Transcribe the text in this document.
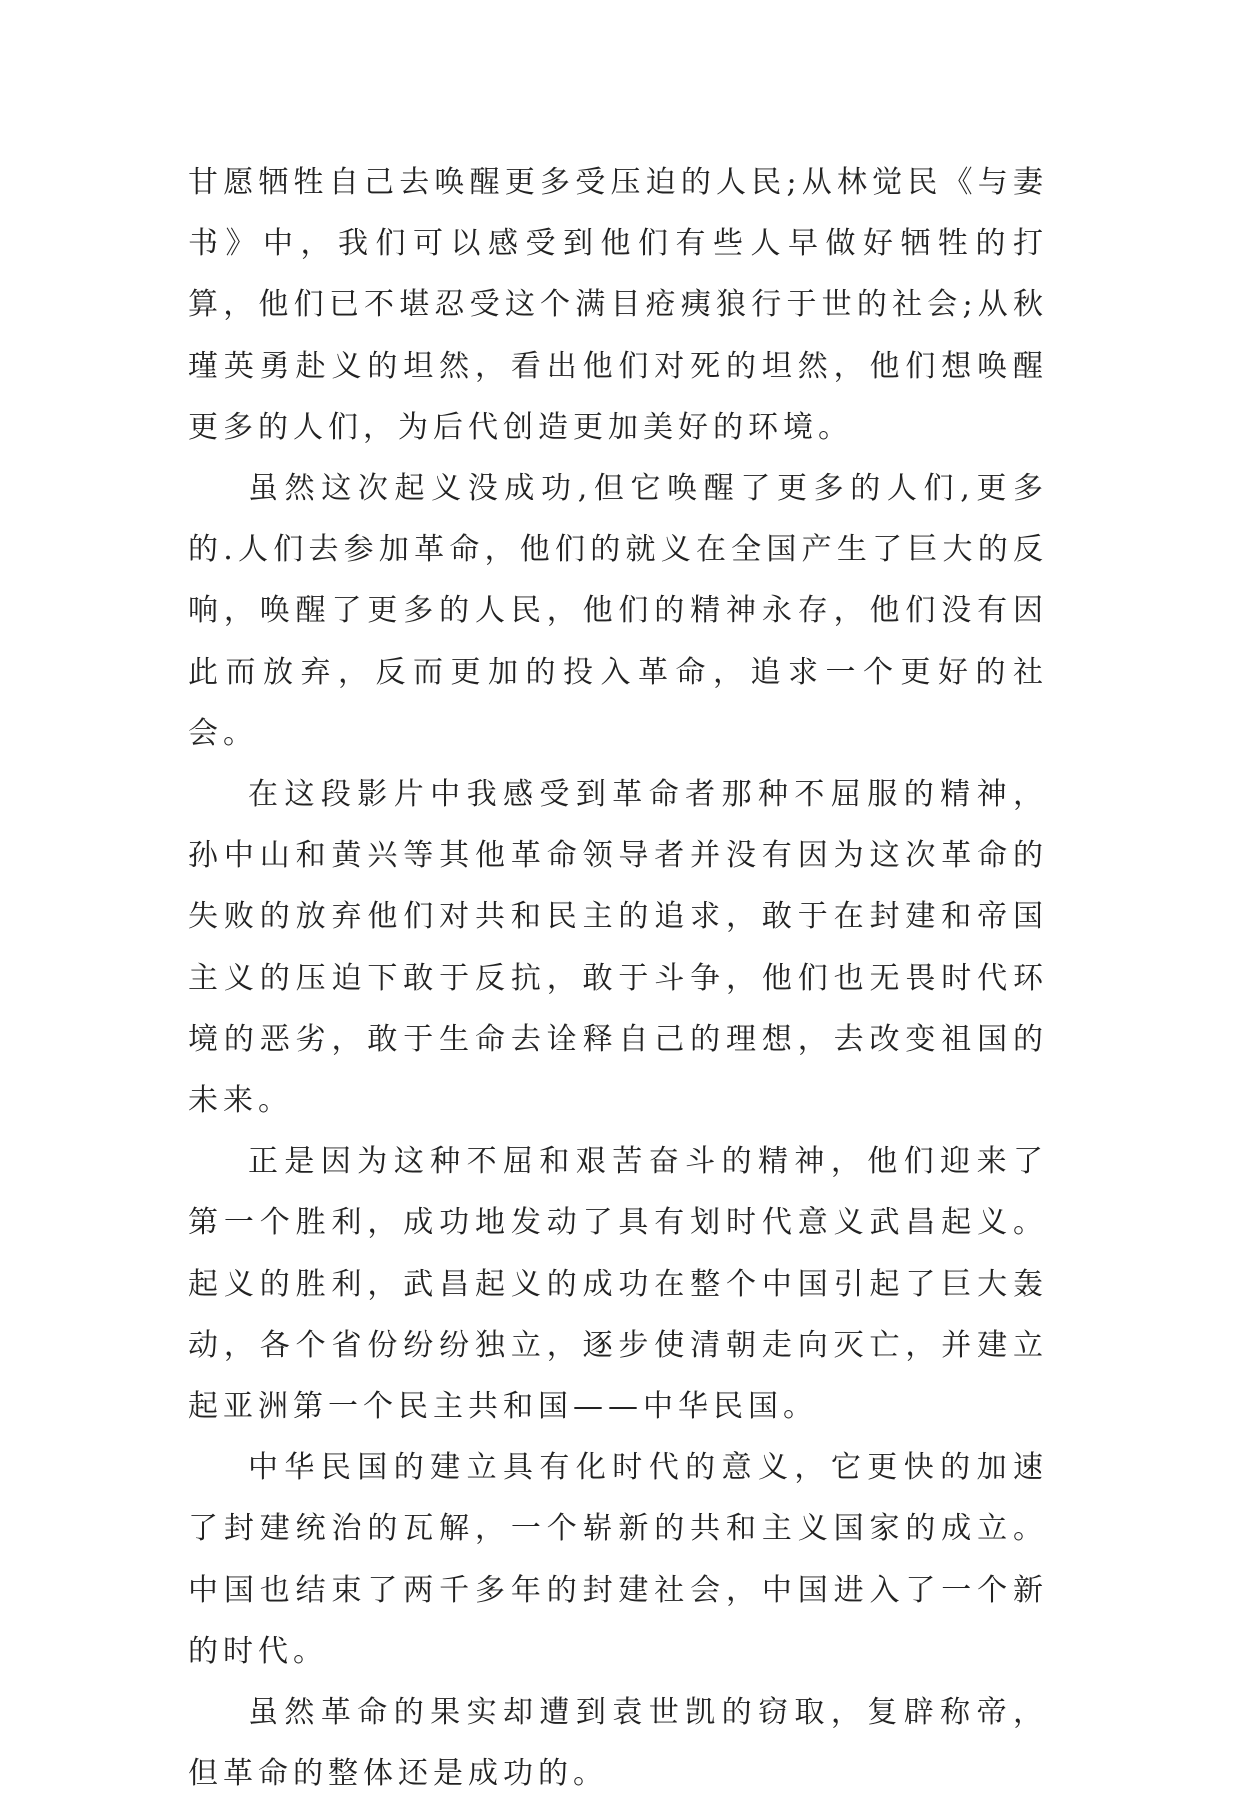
甘愿牺牲自己去唤醒更多受压迫的人民;从林觉民《与妻书》中，我们可以感受到他们有些人早做好牺牲的打算，他们已不堪忍受这个满目疮痍狼行于世的社会;从秋瑾英勇赴义的坦然，看出他们对死的坦然，他们想唤醒更多的人们，为后代创造更加美好的环境。

虽然这次起义没成功,但它唤醒了更多的人们,更多的.人们去参加革命，他们的就义在全国产生了巨大的反响，唤醒了更多的人民，他们的精神永存，他们没有因此而放弃，反而更加的投入革命，追求一个更好的社会。

在这段影片中我感受到革命者那种不屈服的精神，孙中山和黄兴等其他革命领导者并没有因为这次革命的失败的放弃他们对共和民主的追求，敢于在封建和帝国主义的压迫下敢于反抗，敢于斗争，他们也无畏时代环境的恶劣，敢于生命去诠释自己的理想，去改变祖国的未来。

正是因为这种不屈和艰苦奋斗的精神，他们迎来了第一个胜利，成功地发动了具有划时代意义武昌起义。起义的胜利，武昌起义的成功在整个中国引起了巨大轰动，各个省份纷纷独立，逐步使清朝走向灭亡，并建立起亚洲第一个民主共和国——中华民国。

中华民国的建立具有化时代的意义，它更快的加速了封建统治的瓦解，一个崭新的共和主义国家的成立。中国也结束了两千多年的封建社会，中国进入了一个新的时代。

虽然革命的果实却遭到袁世凯的窃取，复辟称帝，但革命的整体还是成功的。
